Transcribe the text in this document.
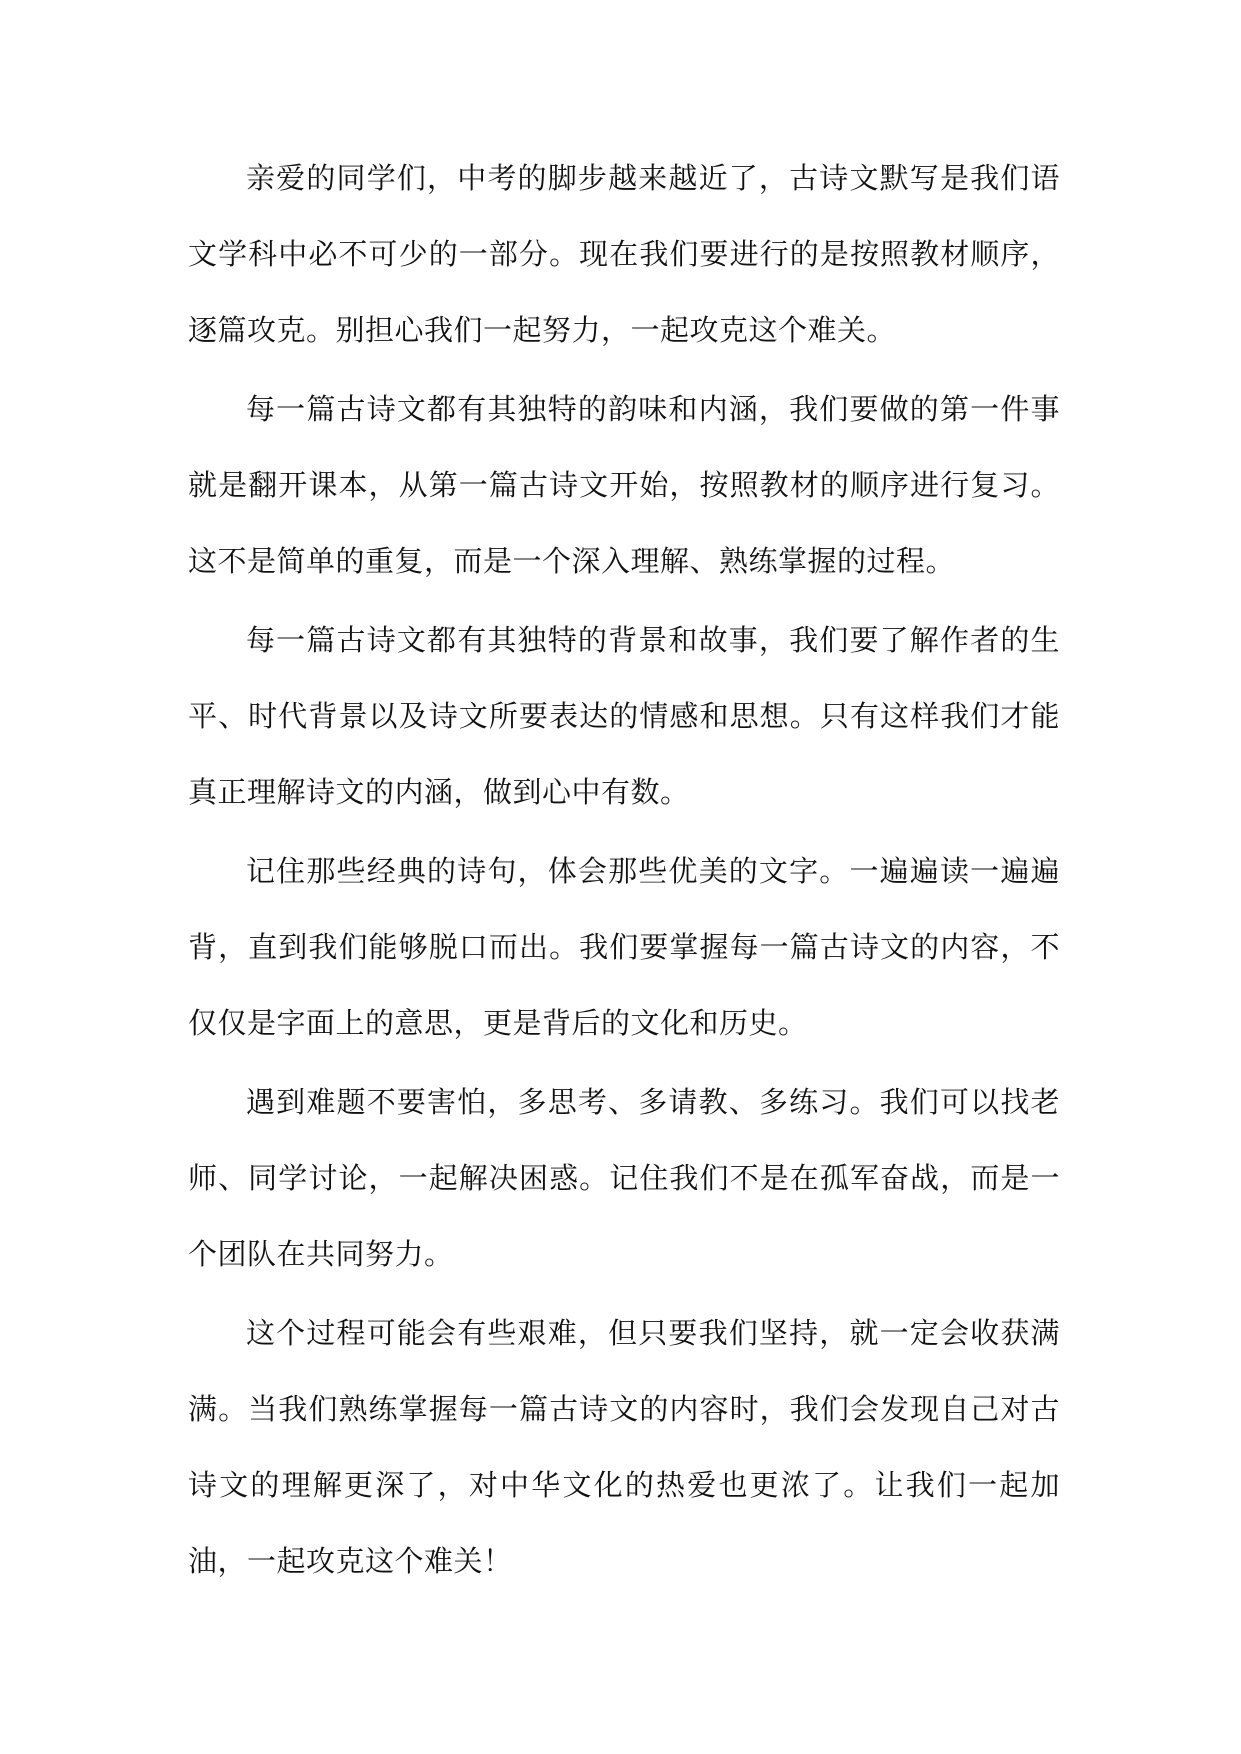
亲爱的同学们，中考的脚步越来越近了，古诗文默写是我们语文学科中必不可少的一部分。现在我们要进行的是按照教材顺序，逐篇攻克。别担心我们一起努力，一起攻克这个难关。

每一篇古诗文都有其独特的韵味和内涵，我们要做的第一件事就是翻开课本，从第一篇古诗文开始，按照教材的顺序进行复习。这不是简单的重复，而是一个深入理解、熟练掌握的过程。

每一篇古诗文都有其独特的背景和故事，我们要了解作者的生平、时代背景以及诗文所要表达的情感和思想。只有这样我们才能真正理解诗文的内涵，做到心中有数。

记住那些经典的诗句，体会那些优美的文字。一遍遍读一遍遍背，直到我们能够脱口而出。我们要掌握每一篇古诗文的内容，不仅仅是字面上的意思，更是背后的文化和历史。

遇到难题不要害怕，多思考、多请教、多练习。我们可以找老师、同学讨论，一起解决困惑。记住我们不是在孤军奋战，而是一个团队在共同努力。

这个过程可能会有些艰难，但只要我们坚持，就一定会收获满满。当我们熟练掌握每一篇古诗文的内容时，我们会发现自己对古诗文的理解更深了，对中华文化的热爱也更浓了。让我们一起加油，一起攻克这个难关！
